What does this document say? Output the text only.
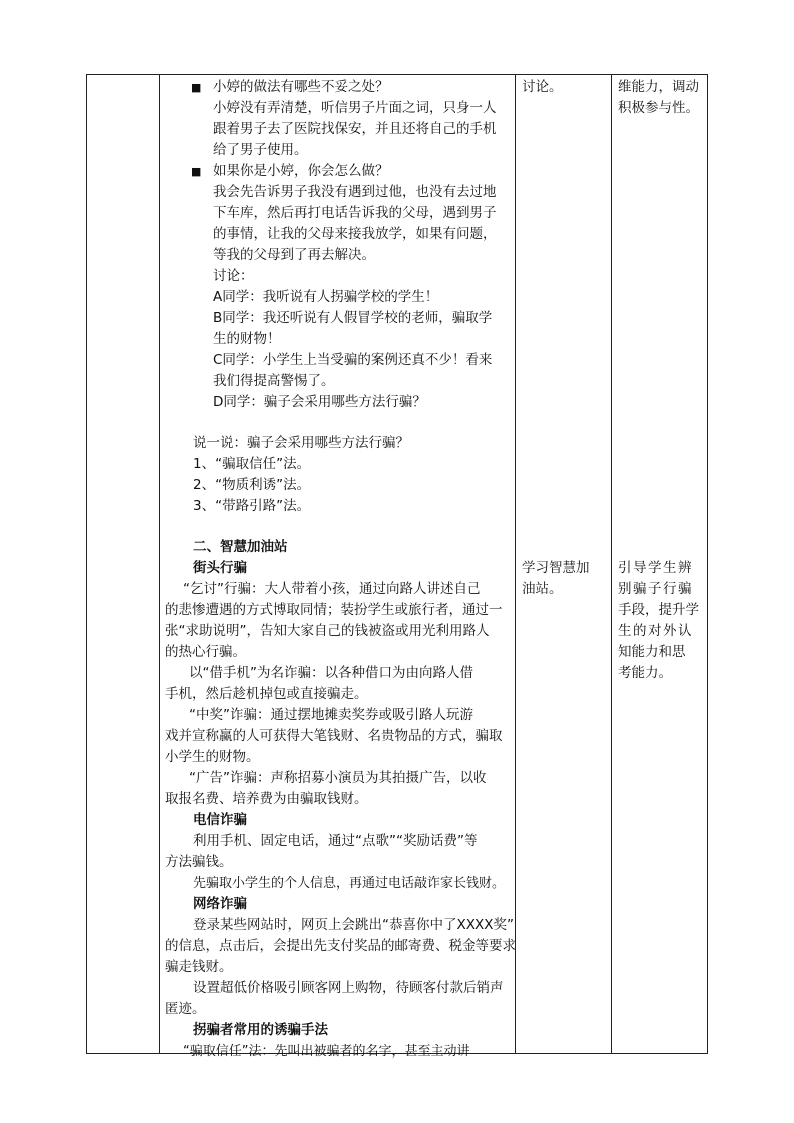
■ 小婷的做法有哪些不妥之处？
小婷没有弄清楚，听信男子片面之词，只身一人
跟着男子去了医院找保安，并且还将自己的手机
给了男子使用。
■ 如果你是小婷，你会怎么做？
我会先告诉男子我没有遇到过他，也没有去过地
下车库，然后再打电话告诉我的父母，遇到男子
的事情，让我的父母来接我放学，如果有问题，
等我的父母到了再去解决。
讨论：
A同学：我听说有人拐骗学校的学生！
B同学：我还听说有人假冒学校的老师，骗取学
生的财物！
C同学：小学生上当受骗的案例还真不少！看来
我们得提高警惕了。
D同学：骗子会采用哪些方法行骗？
说一说：骗子会采用哪些方法行骗？
1、“骗取信任”法。
2、“物质利诱”法。
3、“带路引路”法。
二、智慧加油站
街头行骗
“乞讨”行骗：大人带着小孩，通过向路人讲述自己
的悲惨遭遇的方式博取同情；装扮学生或旅行者，通过一
张“求助说明”，告知大家自己的钱被盗或用光利用路人
的热心行骗。
以“借手机”为名诈骗：以各种借口为由向路人借
手机，然后趁机掉包或直接骗走。
“中奖”诈骗：通过摆地摊卖奖券或吸引路人玩游
戏并宣称赢的人可获得大笔钱财、名贵物品的方式，骗取
小学生的财物。
“广告”诈骗：声称招募小演员为其拍摄广告，以收
取报名费、培养费为由骗取钱财。
电信诈骗
利用手机、固定电话，通过“点歌”“奖励话费”等
方法骗钱。
先骗取小学生的个人信息，再通过电话敲诈家长钱财。
网络诈骗
登录某些网站时，网页上会跳出“恭喜你中了XXXX奖”
的信息，点击后，会提出先支付奖品的邮寄费、税金等要求
骗走钱财。
设置超低价格吸引顾客网上购物，待顾客付款后销声
匿迹。
拐骗者常用的诱骗手法
“骗取信任”法：先叫出被骗者的名字，甚至主动讲
讨论。
学习智慧加
油站。
维能力，调动
积极参与性。
引导学生辨
别骗子行骗
手段，提升学
生的对外认
知能力和思
考能力。
